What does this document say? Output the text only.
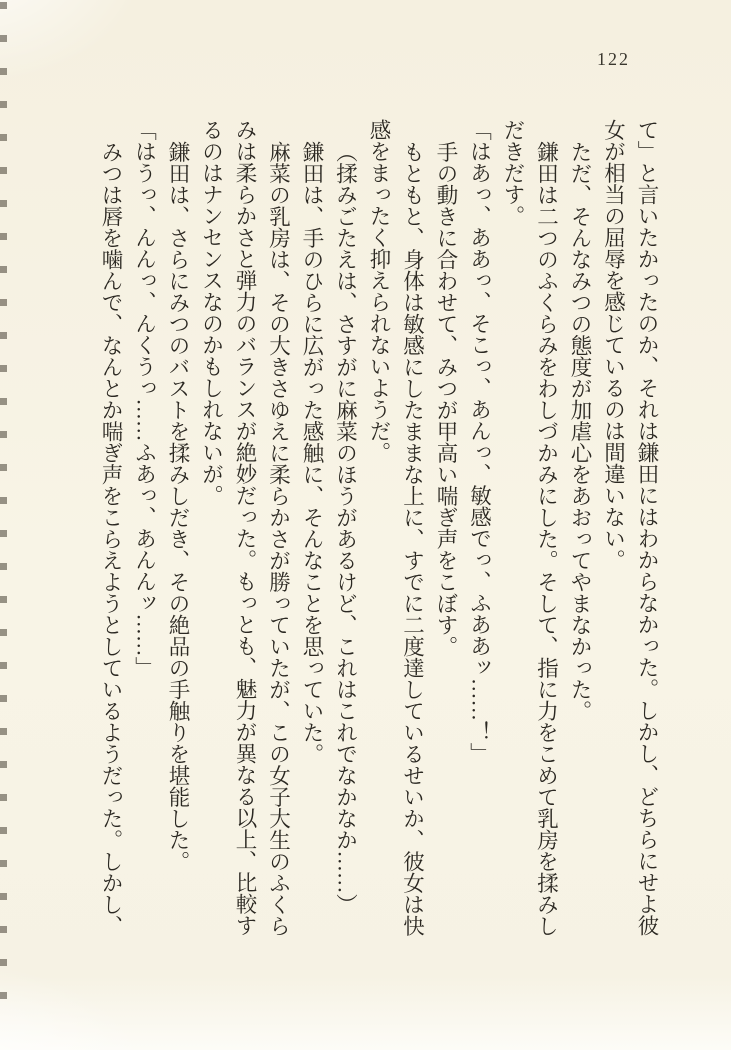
122

て」と言いたかったのか、それは鎌田にはわからなかった。しかし、どちらにせよ彼女が相当の屈辱を感じているのは間違いない。

ただ、そんなみつの態度が加虐心をあおってやまなかった。

鎌田は二つのふくらみをわしづかみにした。そして、指に力をこめて乳房を揉みしだきだす。

「はあっ、ああっ、そこっ、あんっ、敏感でっ、ふああッ……！」

手の動きに合わせて、みつが甲高い喘ぎ声をこぼす。

もともと、身体は敏感にしたままな上に、すでに二度達しているせいか、彼女は快感をまったく抑えられないようだ。

（揉みごたえは、さすがに麻菜のほうがあるけど、これはこれでなかなか……）

鎌田は、手のひらに広がった感触に、そんなことを思っていた。

麻菜の乳房は、その大きさゆえに柔らかさが勝っていたが、この女子大生のふくらみは柔らかさと弾力のバランスが絶妙だった。もっとも、魅力が異なる以上、比較するのはナンセンスなのかもしれないが。

鎌田は、さらにみつのバストを揉みしだき、その絶品の手触りを堪能した。

「はうっ、んんっ、んくうっ……ふあっ、あんんッ……」

みつは唇を噛んで、なんとか喘ぎ声をこらえようとしているようだった。しかし、
